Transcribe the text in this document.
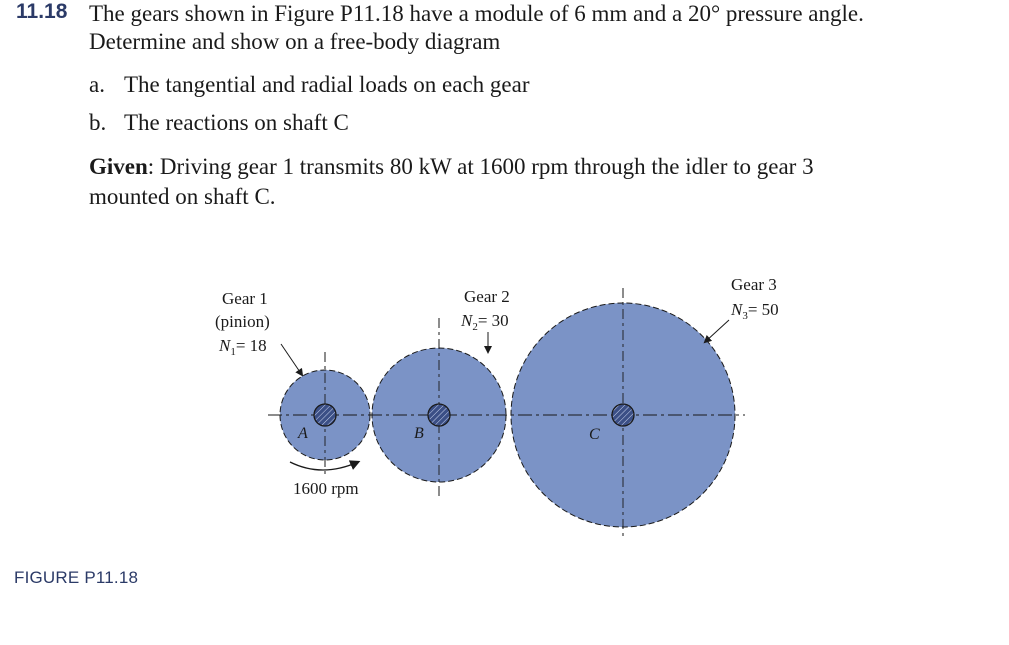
11.18 The gears shown in Figure P11.18 have a module of 6 mm and a 20° pressure angle.
Determine and show on a free-body diagram
a. The tangential and radial loads on each gear
b. The reactions on shaft C
Given: Driving gear 1 transmits 80 kW at 1600 rpm through the idler to gear 3
mounted on shaft C.
A	B	C
Gear 1
(pinion)
$N_1= 18$
1600 rpm
Gear 2
$N_2= 30$
Gear 3
$N_3= 50$
FIGURE P11.18
